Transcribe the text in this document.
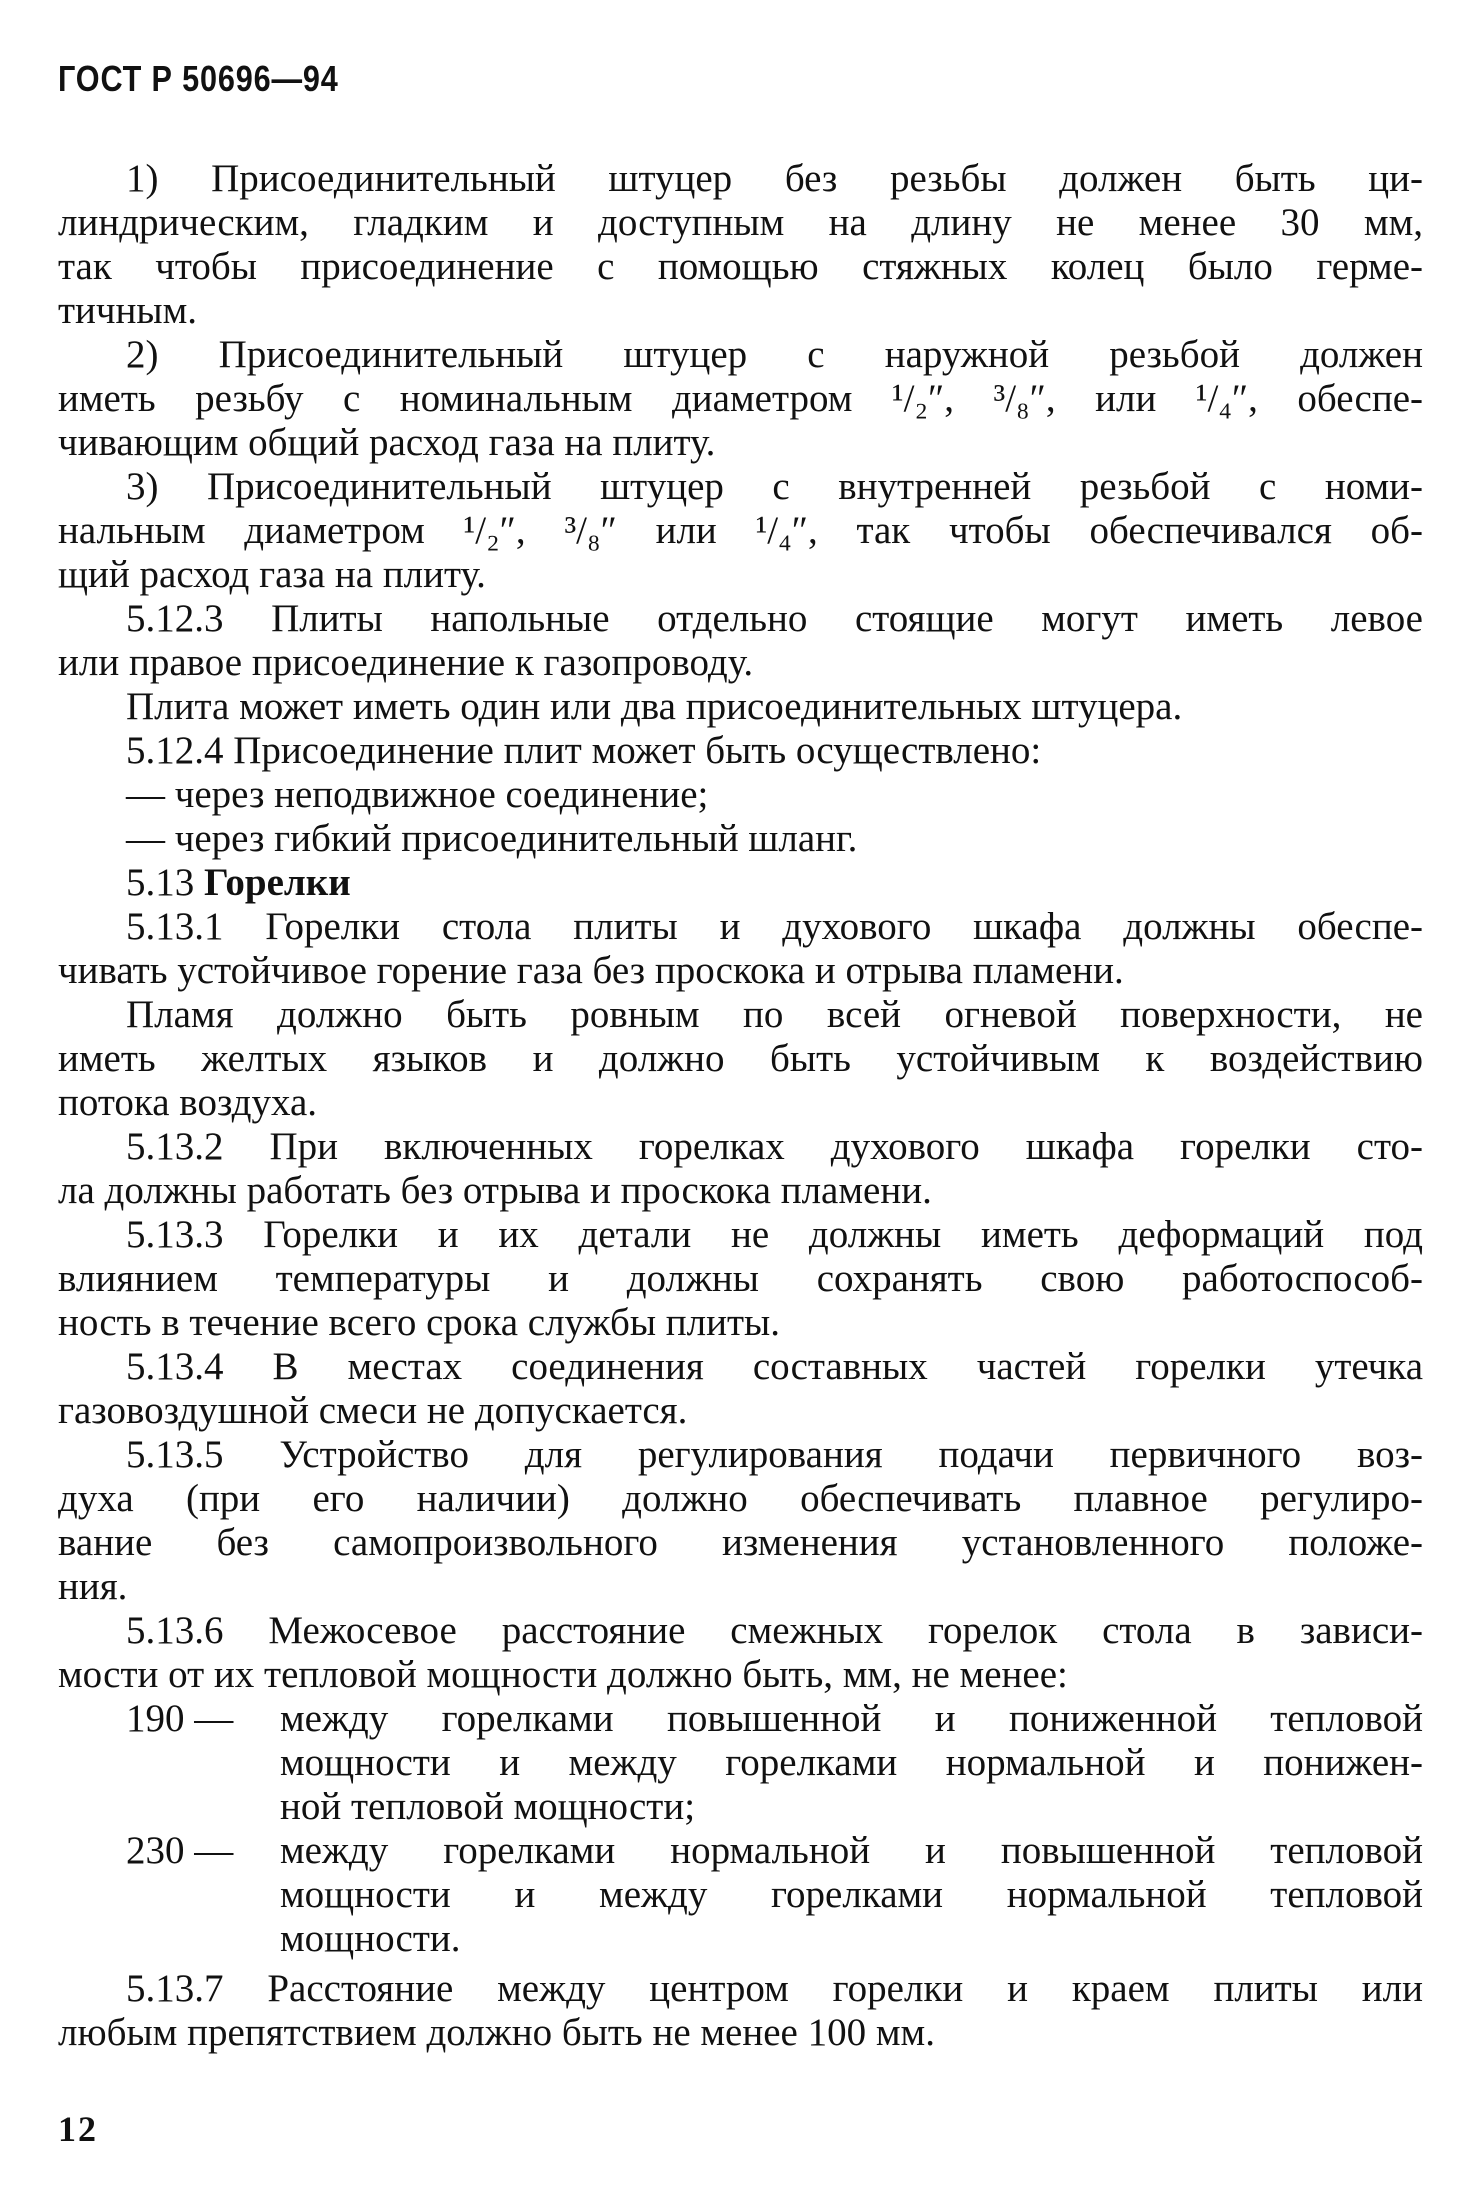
ГОСТ Р 50696—94
1) Присоединительный штуцер без резьбы должен быть ци-
линдрическим, гладким и доступным на длину не менее 30 мм,
так чтобы присоединение с помощью стяжных колец было герме-
тичным.
2) Присоединительный штуцер с наружной резьбой должен
иметь резьбу с номинальным диаметром ¹/₂″, ³/₈″, или ¹/₄″, обеспе-
чивающим общий расход газа на плиту.
3) Присоединительный штуцер с внутренней резьбой с номи-
нальным диаметром ¹/₂″, ³/₈″ или ¹/₄″, так чтобы обеспечивался об-
щий расход газа на плиту.
5.12.3 Плиты напольные отдельно стоящие могут иметь левое
или правое присоединение к газопроводу.
Плита может иметь один или два присоединительных штуцера.
5.12.4 Присоединение плит может быть осуществлено:
— через неподвижное соединение;
— через гибкий присоединительный шланг.
5.13 Горелки
5.13.1 Горелки стола плиты и духового шкафа должны обеспе-
чивать устойчивое горение газа без проскока и отрыва пламени.
Пламя должно быть ровным по всей огневой поверхности, не
иметь желтых языков и должно быть устойчивым к воздействию
потока воздуха.
5.13.2 При включенных горелках духового шкафа горелки сто-
ла должны работать без отрыва и проскока пламени.
5.13.3 Горелки и их детали не должны иметь деформаций под
влиянием температуры и должны сохранять свою работоспособ-
ность в течение всего срока службы плиты.
5.13.4 В местах соединения составных частей горелки утечка
газовоздушной смеси не допускается.
5.13.5 Устройство для регулирования подачи первичного воз-
духа (при его наличии) должно обеспечивать плавное регулиро-
вание без самопроизвольного изменения установленного положе-
ния.
5.13.6 Межосевое расстояние смежных горелок стола в зависи-
мости от их тепловой мощности должно быть, мм, не менее:
190 — между горелками повышенной и пониженной тепловой
мощности и между горелками нормальной и понижен-
ной тепловой мощности;
230 — между горелками нормальной и повышенной тепловой
мощности и между горелками нормальной тепловой
мощности.
5.13.7 Расстояние между центром горелки и краем плиты или
любым препятствием должно быть не менее 100 мм.
12
